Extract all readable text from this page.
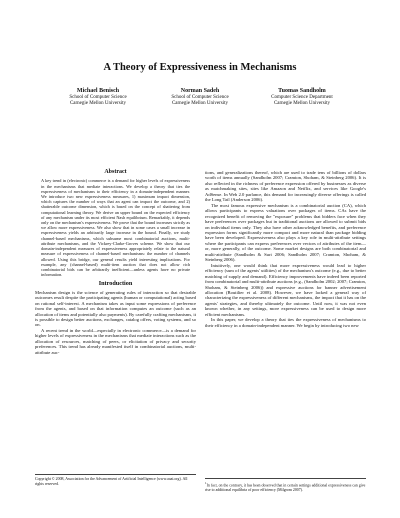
A Theory of Expressiveness in Mechanisms
Michael Benisch
School of Computer Science
Carnegie Mellon University
Norman Sadeh
School of Computer Science
Carnegie Mellon University
Tuomas Sandholm
Computer Science Department
Carnegie Mellon University
Abstract

A key trend in (electronic) commerce is a demand for higher levels of expressiveness in the mechanisms that mediate interactions. We develop a theory that ties the expressiveness of mechanisms to their efficiency in a domain-independent manner. We introduce two new expressiveness measures, 1) maximum impact dimension, which captures the number of ways that an agent can impact the outcome, and 2) shatterable outcome dimension, which is based on the concept of shattering from computational learning theory. We derive an upper bound on the expected efficiency of any mechanism under its most efficient Nash equilibrium. Remarkably, it depends only on the mechanism's expressiveness. We prove that the bound increases strictly as we allow more expressiveness. We also show that in some cases a small increase in expressiveness yields an arbitrarily large increase in the bound. Finally, we study channel-based mechanisms, which subsume most combinatorial auctions, multi-attribute mechanisms, and the Vickrey-Clarke-Groves scheme. We show that our domain-independent measures of expressiveness appropriately relate to the natural measure of expressiveness of channel-based mechanisms: the number of channels allowed. Using this bridge, our general results yield interesting implications. For example, any (channel-based) multi-item auction that does not allow rich combinatorial bids can be arbitrarily inefficient—unless agents have no private information.

Introduction

Mechanism design is the science of generating rules of interaction so that desirable outcomes result despite the participating agents (human or computational) acting based on rational self-interest. A mechanism takes as input some expressions of preference from the agents, and based on that information computes an outcome (such as an allocation of items and potentially also payments). By carefully crafting mechanisms, it is possible to design better auctions, exchanges, catalog offers, voting systems, and so on.

A recent trend in the world—especially in electronic commerce—is a demand for higher levels of expressiveness in the mechanisms that mediate interactions such as the allocation of resources, matching of peers, or elicitation of privacy and security preferences. This trend has already manifested itself in combinatorial auctions, multi-attribute auc-

Copyright © 2008, Association for the Advancement of Artificial Intelligence (www.aaai.org). All rights reserved.

tions, and generalizations thereof, which are used to trade tens of billions of dollars worth of items annually (Sandholm 2007; Cramton, Shoham, & Steinberg 2006). It is also reflected in the richness of preference expression offered by businesses as diverse as matchmaking sites, sites like Amazon and Netflix, and services like Google's AdSense. In Web 2.0 parlance, this demand for increasingly diverse offerings is called the Long Tail (Anderson 2006).

The most famous expressive mechanism is a combinatorial auction (CA), which allows participants to express valuations over packages of items. CAs have the recognized benefit of removing the "exposure" problems that bidders face when they have preferences over packages but in traditional auctions are allowed to submit bids on individual items only. They also have other acknowledged benefits, and preference expression forms significantly more compact and more natural than package bidding have been developed. Expressiveness also plays a key role in multi-attribute settings where the participants can express preferences over vectors of attributes of the item—or, more generally, of the outcome. Some market designs are both combinatorial and multi-attribute (Sandholm & Suri 2006; Sandholm 2007; Cramton, Shoham, & Steinberg 2006).

Intuitively, one would think that more expressiveness would lead to higher efficiency (sum of the agents' utilities) of the mechanism's outcome (e.g., due to better matching of supply and demand). Efficiency improvements have indeed been reported from combinatorial and multi-attribute auctions (e.g., (Sandholm 2002; 2007; Cramton, Shoham, & Steinberg 2006)) and expressive auctions for banner advertisement allocation (Boutilier et al. 2008). However, we have lacked a general way of characterizing the expressiveness of different mechanisms, the impact that it has on the agents' strategies, and thereby ultimately the outcome. Until now, it was not even known whether, in any settings, more expressiveness can be used to design more efficient mechanisms.

In this paper, we develop a theory that ties the expressiveness of mechanisms to their efficiency in a domain-independent manner. We begin by introducing two new

$^1$In fact, on the contrary, it has been observed that in certain settings additional expressiveness can give rise to additional equilibria of poor efficiency (Milgrom 2007).
